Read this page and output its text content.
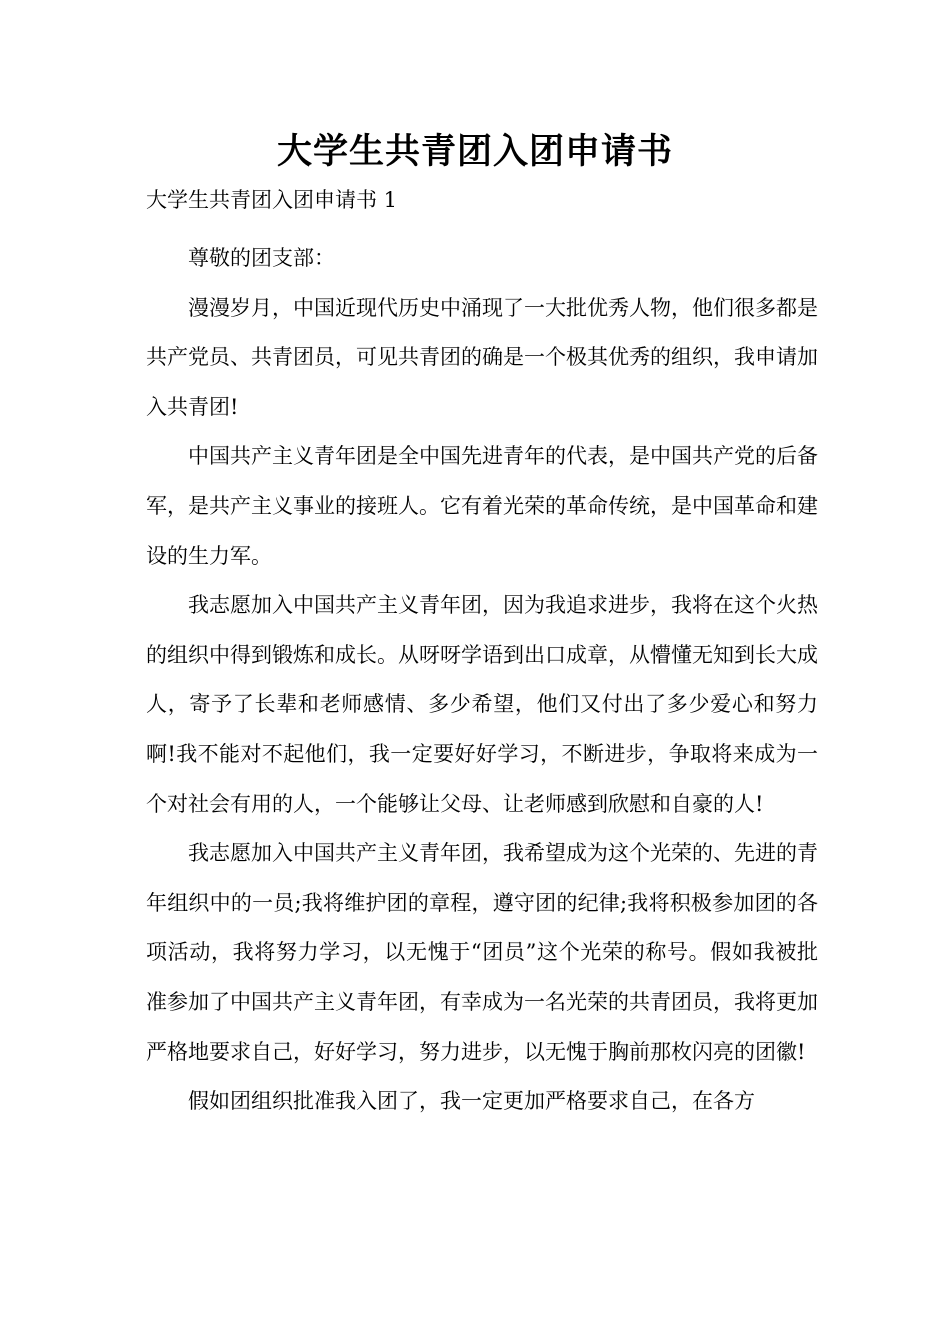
大学生共青团入团申请书
大学生共青团入团申请书 1

尊敬的团支部：

漫漫岁月，中国近现代历史中涌现了一大批优秀人物，他们很多都是共产党员、共青团员，可见共青团的确是一个极其优秀的组织，我申请加入共青团!

中国共产主义青年团是全中国先进青年的代表，是中国共产党的后备军，是共产主义事业的接班人。它有着光荣的革命传统，是中国革命和建设的生力军。

我志愿加入中国共产主义青年团，因为我追求进步，我将在这个火热的组织中得到锻炼和成长。从呀呀学语到出口成章，从懵懂无知到长大成人，寄予了长辈和老师感情、多少希望，他们又付出了多少爱心和努力啊!我不能对不起他们，我一定要好好学习，不断进步，争取将来成为一个对社会有用的人，一个能够让父母、让老师感到欣慰和自豪的人!

我志愿加入中国共产主义青年团，我希望成为这个光荣的、先进的青年组织中的一员;我将维护团的章程，遵守团的纪律;我将积极参加团的各项活动，我将努力学习，以无愧于“团员”这个光荣的称号。假如我被批准参加了中国共产主义青年团，有幸成为一名光荣的共青团员，我将更加严格地要求自己，好好学习，努力进步，以无愧于胸前那枚闪亮的团徽!

假如团组织批准我入团了，我一定更加严格要求自己，在各方
